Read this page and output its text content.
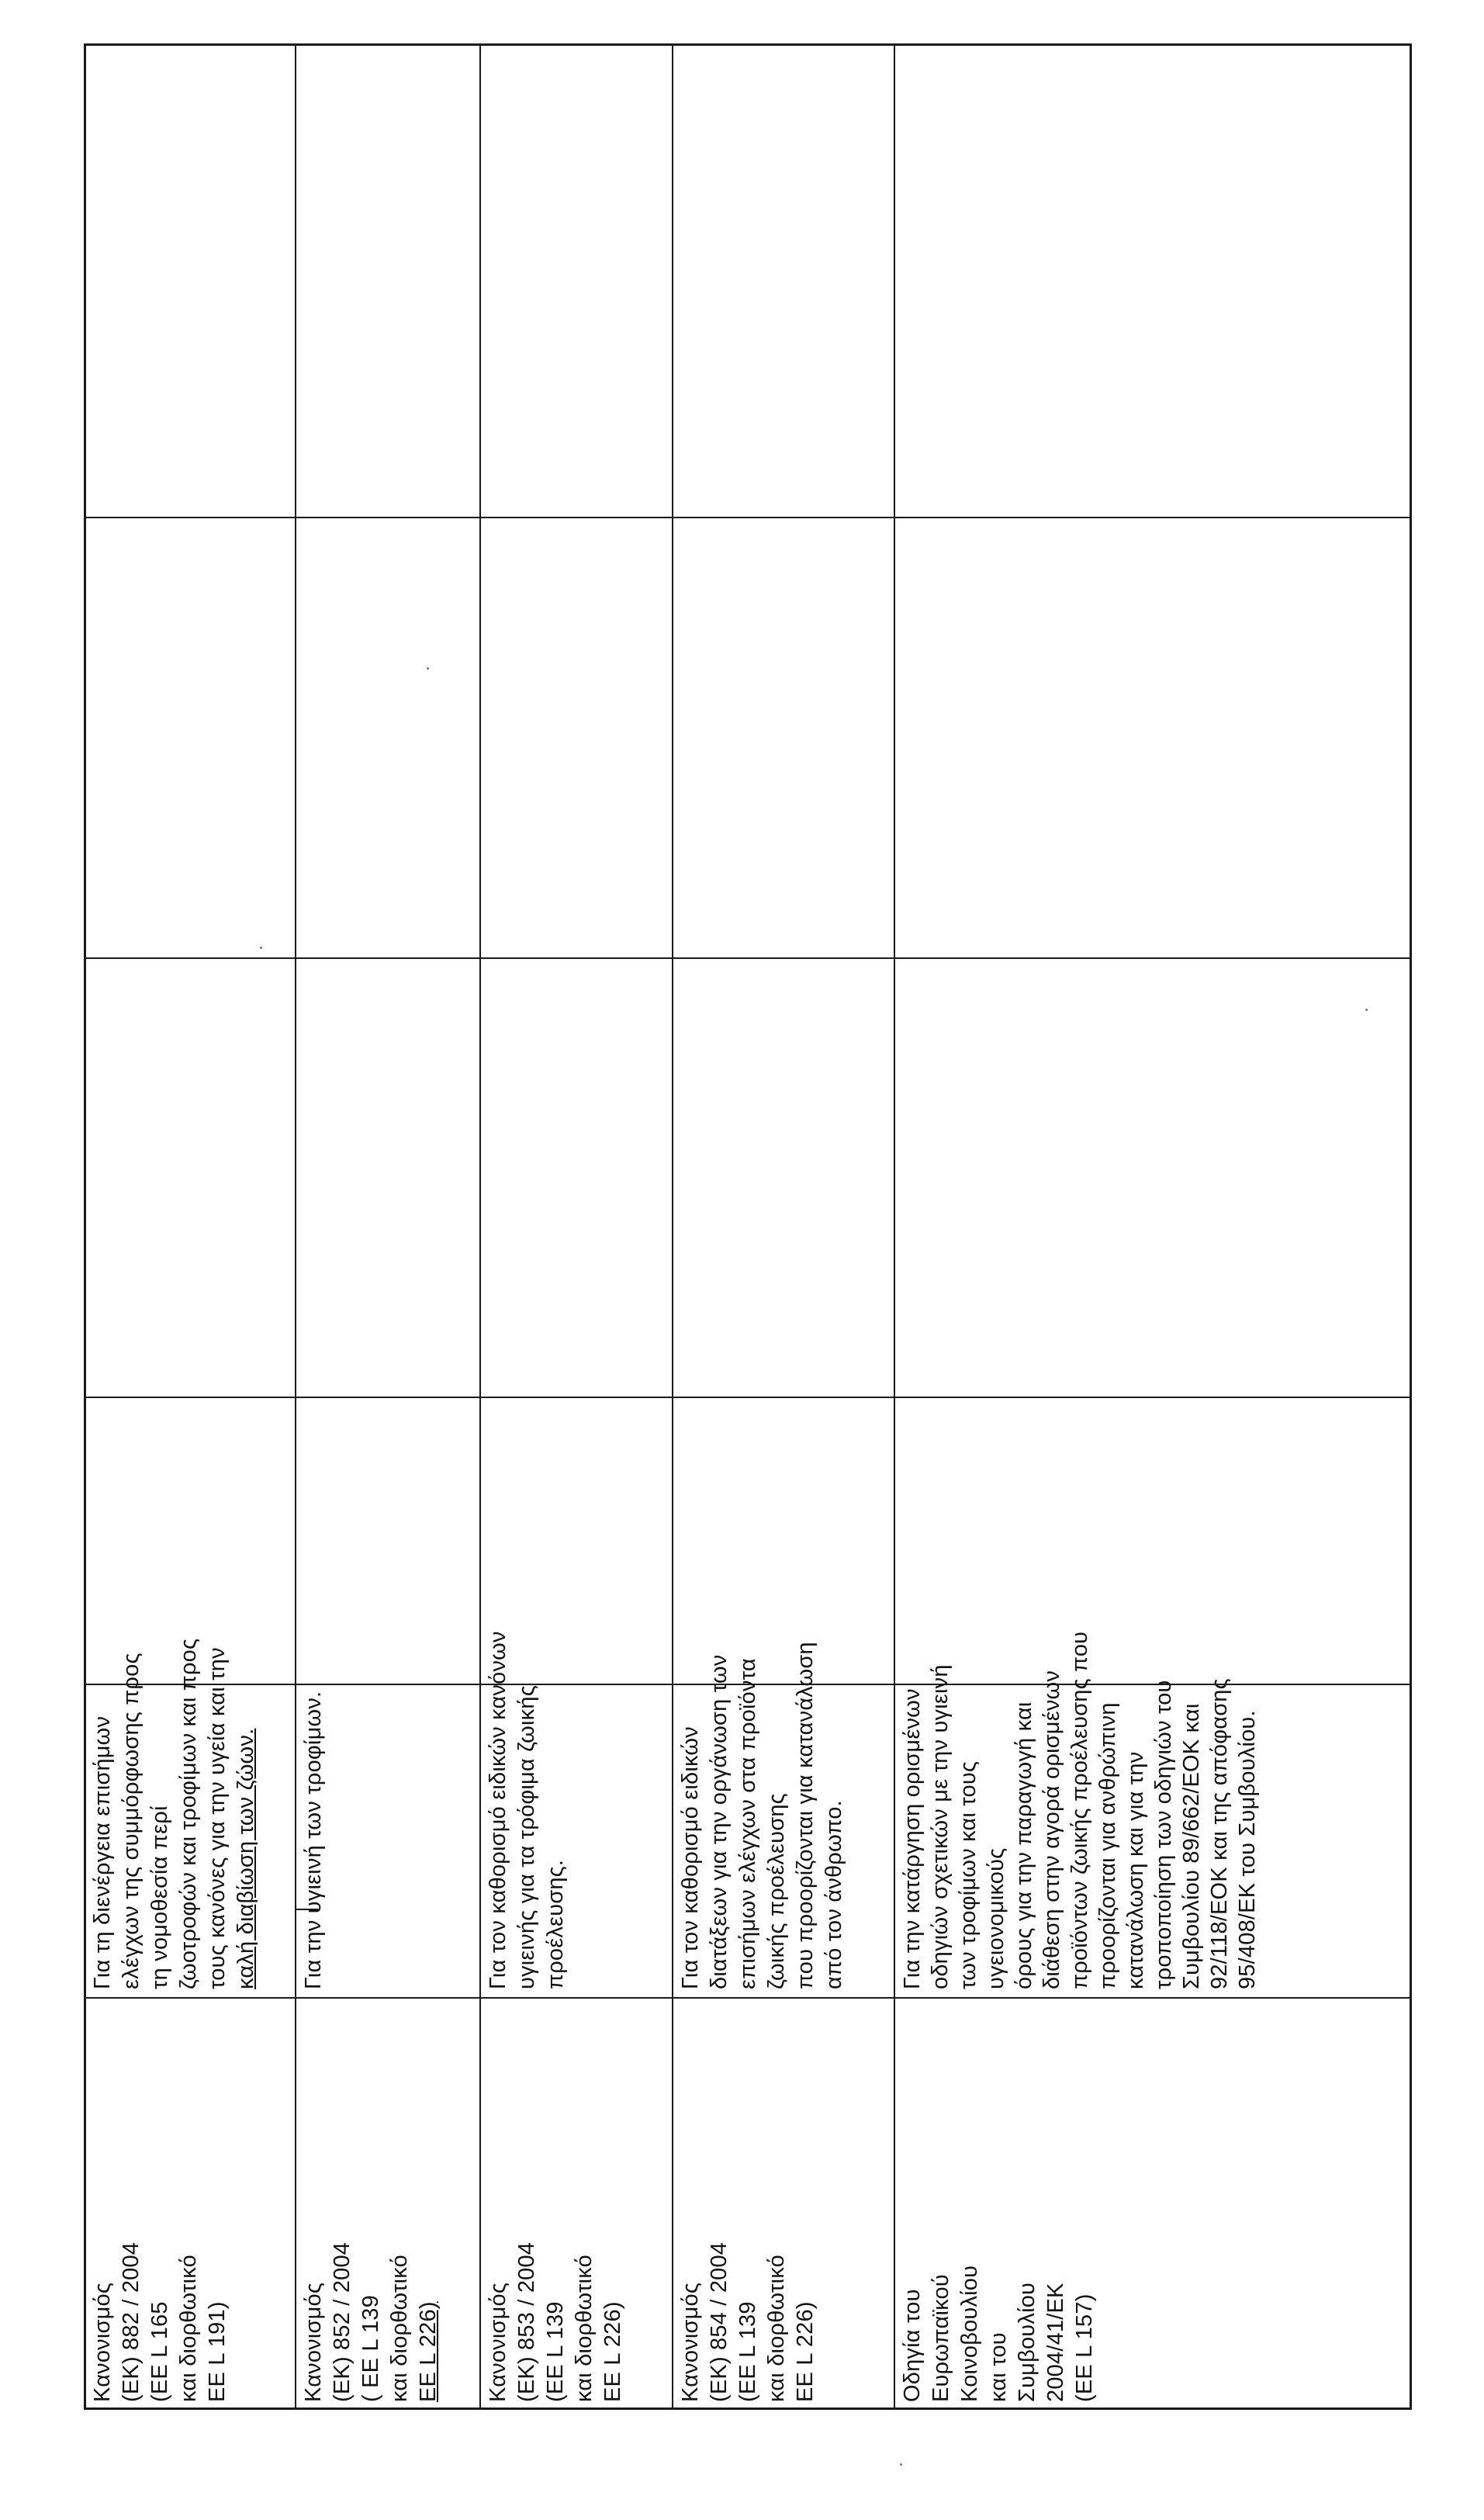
Κανονισμός (ΕΚ) 882 / 2004 (ΕΕ L 165 και διορθωτικό ΕΕ L 191)
Για τη διενέργεια επισήμων ελέγχων της συμμόρφωσης προς τη νομοθεσία περί ζωοτροφών και τροφίμων και προς τους κανόνες για την υγεία και την καλή διαβίωση των ζώων.
Κανονισμός (ΕΚ) 852 / 2004 ( ΕΕ L 139 και διορθωτικό ΕΕ L 226)
Για την υγιεινή των τροφίμων.
Κανονισμός (ΕΚ) 853 / 2004 (ΕΕ L 139 και διορθωτικό ΕΕ L 226)
Για τον καθορισμό ειδικών κανόνων υγιεινής για τα τρόφιμα ζωικής προέλευσης.
Κανονισμός (ΕΚ) 854 / 2004 (ΕΕ L 139 και διορθωτικό ΕΕ L 226)
Για τον καθορισμό ειδικών διατάξεων για την οργάνωση των επισήμων ελέγχων στα προϊόντα ζωικής προέλευσης που προορίζονται για κατανάλωση από τον άνθρωπο.
Οδηγία του Ευρωπαϊκού Κοινοβουλίου και του Συμβουλίου 2004/41/ΕΚ (ΕΕ L 157)
Για την κατάργηση ορισμένων οδηγιών σχετικών με την υγιεινή των τροφίμων και τους υγειονομικούς όρους για την παραγωγή και διάθεση στην αγορά ορισμένων προϊόντων ζωικής προέλευσης που προορίζονται για ανθρώπινη κατανάλωση και για την τροποποίηση των οδηγιών του Συμβουλίου 89/662/ΕΟΚ και 92/118/ΕΟΚ και της απόφασης 95/408/ΕΚ του Συμβουλίου.
